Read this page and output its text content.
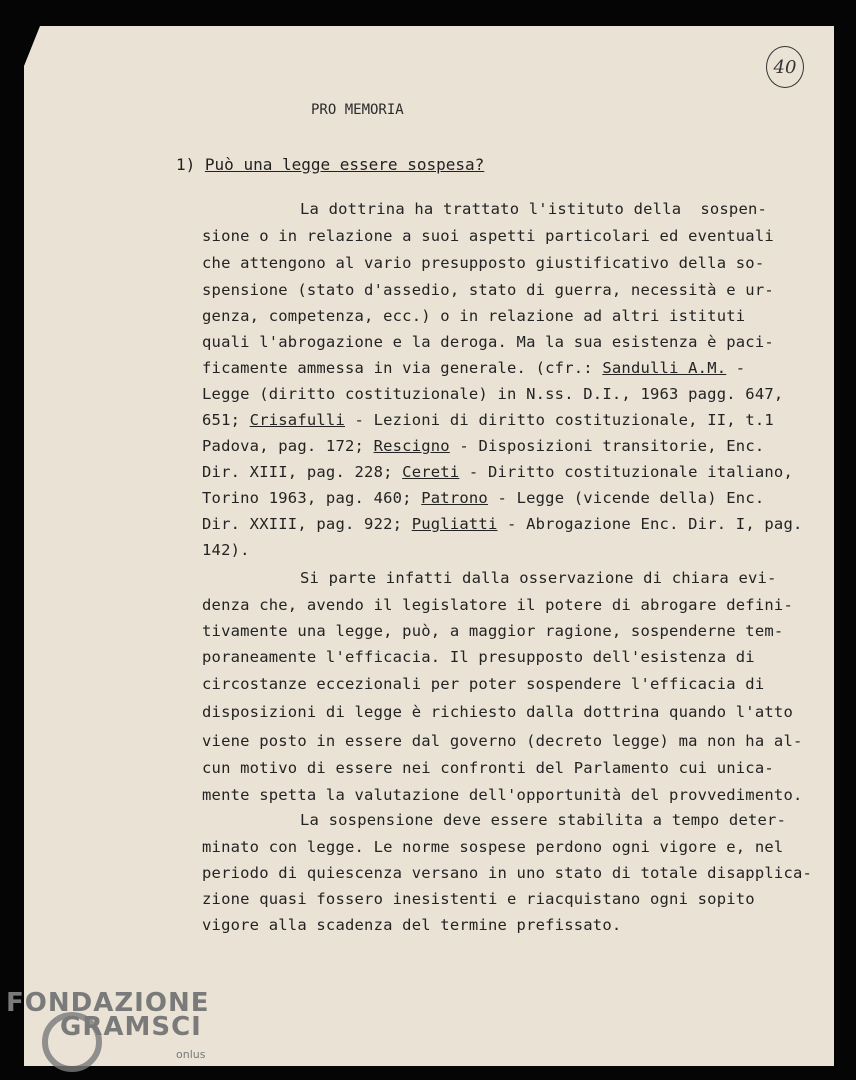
40
PRO MEMORIA
1) Può una legge essere sospesa?
La dottrina ha trattato l'istituto della  sospen-
sione o in relazione a suoi aspetti particolari ed eventuali
che attengono al vario presupposto giustificativo della so-
spensione (stato d'assedio, stato di guerra, necessità e ur-
genza, competenza, ecc.) o in relazione ad altri istituti
quali l'abrogazione e la deroga. Ma la sua esistenza è paci-
ficamente ammessa in via generale. (cfr.: Sandulli A.M. -
Legge (diritto costituzionale) in N.ss. D.I., 1963 pagg. 647,
651; Crisafulli - Lezioni di diritto costituzionale, II, t.1
Padova, pag. 172; Rescigno - Disposizioni transitorie, Enc.
Dir. XIII, pag. 228; Cereti - Diritto costituzionale italiano,
Torino 1963, pag. 460; Patrono - Legge (vicende della) Enc.
Dir. XXIII, pag. 922; Pugliatti - Abrogazione Enc. Dir. I, pag.
142).
Si parte infatti dalla osservazione di chiara evi-
denza che, avendo il legislatore il potere di abrogare defini-
tivamente una legge, può, a maggior ragione, sospenderne tem-
poraneamente l'efficacia. Il presupposto dell'esistenza di
circostanze eccezionali per poter sospendere l'efficacia di
disposizioni di legge è richiesto dalla dottrina quando l'atto
viene posto in essere dal governo (decreto legge) ma non ha al-
cun motivo di essere nei confronti del Parlamento cui unica-
mente spetta la valutazione dell'opportunità del provvedimento.
La sospensione deve essere stabilita a tempo deter-
minato con legge. Le norme sospese perdono ogni vigore e, nel
periodo di quiescenza versano in uno stato di totale disapplica-
zione quasi fossero inesistenti e riacquistano ogni sopito
vigore alla scadenza del termine prefissato.
FONDAZIONE
GRAMSCI
onlus
